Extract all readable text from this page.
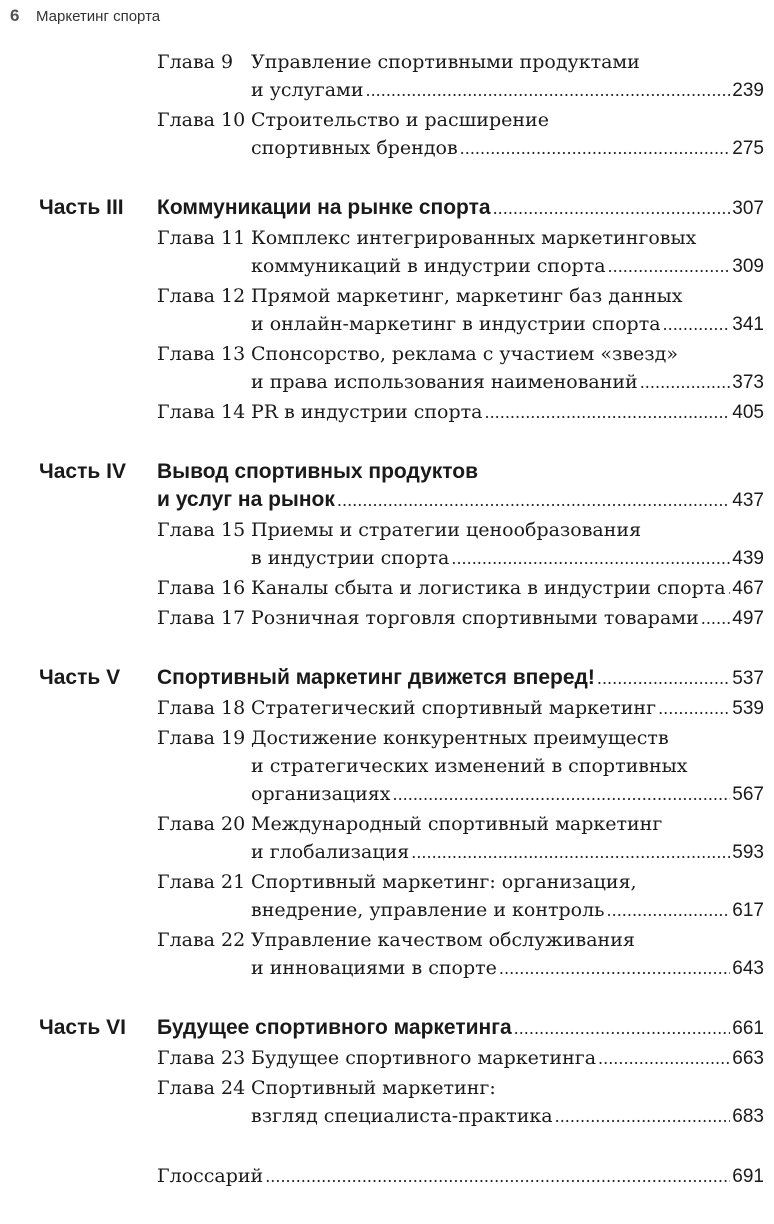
6	Маркетинг спорта
Глава 9 Управление спортивными продуктами
и услугами .....	239
Глава 10 Строительство и расширение
спортивных брендов .....	275
Часть III Коммуникации на рынке спорта .....	307
Глава 11 Комплекс интегрированных маркетинговых
коммуникаций в индустрии спорта .....	309
Глава 12 Прямой маркетинг, маркетинг баз данных
и онлайн-маркетинг в индустрии спорта .....	341
Глава 13 Спонсорство, реклама с участием «звезд»
и права использования наименований .....	373
Глава 14 PR в индустрии спорта .....	405
Часть IV Вывод спортивных продуктов
и услуг на рынок .....	437
Глава 15 Приемы и стратегии ценообразования
в индустрии спорта .....	439
Глава 16 Каналы сбыта и логистика в индустрии спорта ..... 467
Глава 17 Розничная торговля спортивными товарами ..... 497
Часть V Спортивный маркетинг движется вперед! .....	537
Глава 18 Стратегический спортивный маркетинг .....	539
Глава 19 Достижение конкурентных преимуществ
и стратегических изменений в спортивных
организациях .....	567
Глава 20 Международный спортивный маркетинг
и глобализация .....	593
Глава 21 Спортивный маркетинг: организация,
внедрение, управление и контроль .....	617
Глава 22 Управление качеством обслуживания
и инновациями в спорте .....	643
Часть VI Будущее спортивного маркетинга .....	661
Глава 23 Будущее спортивного маркетинга .....	663
Глава 24 Спортивный маркетинг:
взгляд специалиста-практика .....	683
Глоссарий .....	691
